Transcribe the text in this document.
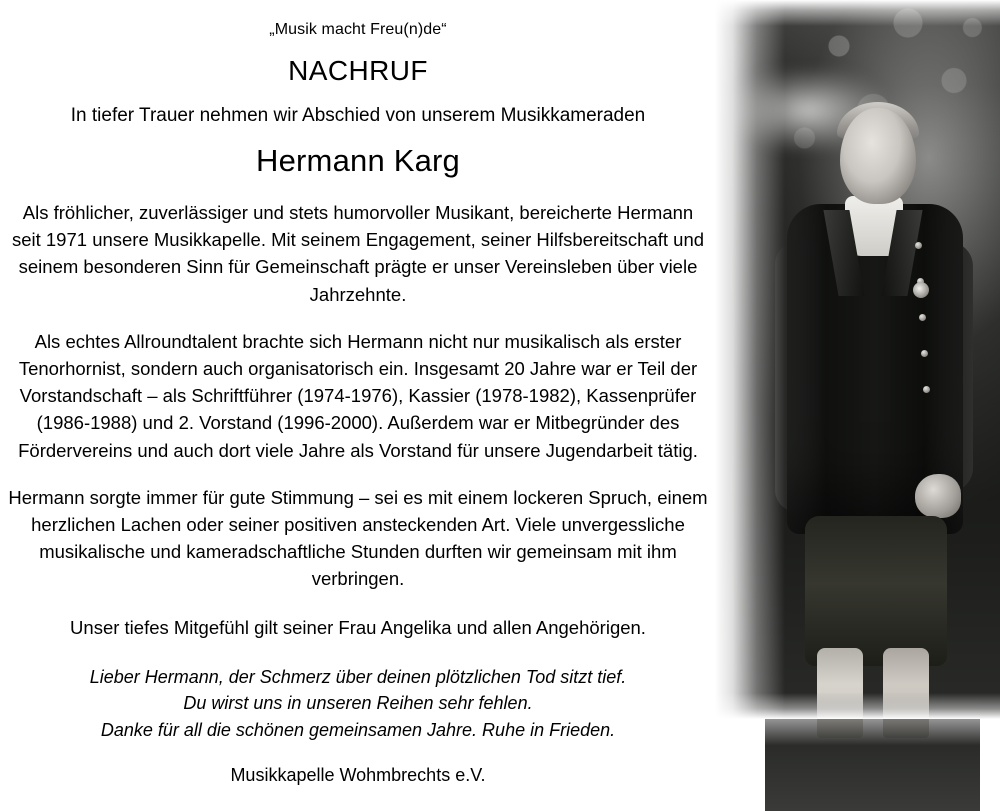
„Musik macht Freu(n)de“
NACHRUF
In tiefer Trauer nehmen wir Abschied von unserem Musikkameraden
Hermann Karg
Als fröhlicher, zuverlässiger und stets humorvoller Musikant, bereicherte Hermann seit 1971 unsere Musikkapelle. Mit seinem Engagement, seiner Hilfsbereitschaft und seinem besonderen Sinn für Gemeinschaft prägte er unser Vereinsleben über viele Jahrzehnte.
Als echtes Allroundtalent brachte sich Hermann nicht nur musikalisch als erster Tenorhornist, sondern auch organisatorisch ein. Insgesamt 20 Jahre war er Teil der Vorstandschaft – als Schriftführer (1974-1976), Kassier (1978-1982), Kassenprüfer (1986-1988) und 2. Vorstand (1996-2000). Außerdem war er Mitbegründer des Fördervereins und auch dort viele Jahre als Vorstand für unsere Jugendarbeit tätig.
Hermann sorgte immer für gute Stimmung – sei es mit einem lockeren Spruch, einem herzlichen Lachen oder seiner positiven ansteckenden Art. Viele unvergessliche musikalische und kameradschaftliche Stunden durften wir gemeinsam mit ihm verbringen.
Unser tiefes Mitgefühl gilt seiner Frau Angelika und allen Angehörigen.
Lieber Hermann, der Schmerz über deinen plötzlichen Tod sitzt tief.
Du wirst uns in unseren Reihen sehr fehlen.
Danke für all die schönen gemeinsamen Jahre. Ruhe in Frieden.
Musikkapelle Wohmbrechts e.V.
